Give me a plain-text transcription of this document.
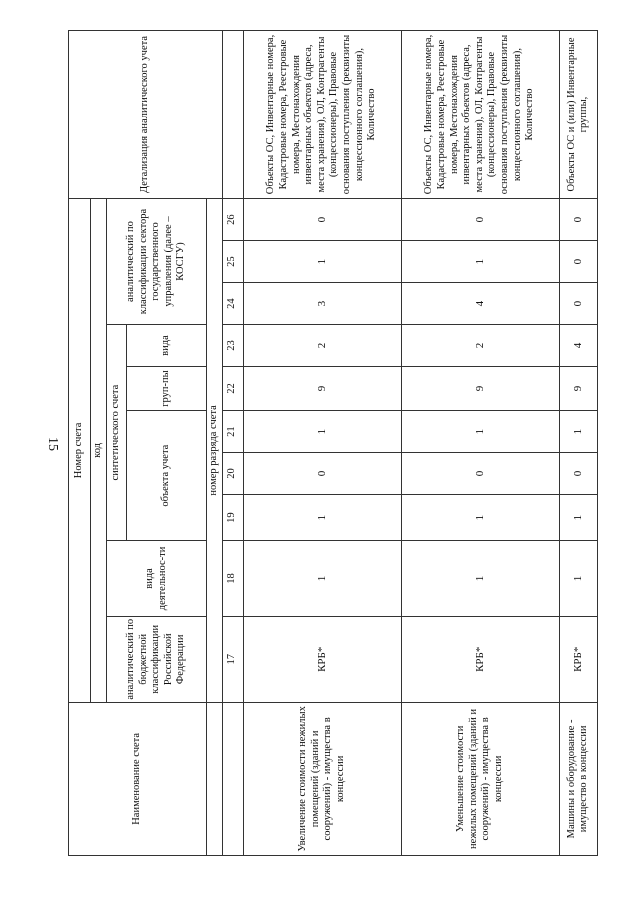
15
Наименование счета	Номер счета										Детализация аналитического учета
	код										
	аналитический по бюджетной классификации Российской Федерации	вида деятельнос-ти	синтетического счета					аналитический по классификации сектора государственного управления (далее – КОСГУ)			
			объекта учета			груп-пы	вида				

	номер разряда счета										
	17	18	19	20	21	22	23	24	25	26	
Увеличение стоимости нежилых помещений (зданий и сооружений) - имущества в концессии	КРБ*	1	1	0	1	9	2	3	1	0	Объекты ОС, Инвентарные номера, Кадастровые номера, Реестровые номера, Местонахождения инвентарных объектов (адреса, места хранения), ОЛ, Контрагенты (концессионеры), Правовые основания поступления (реквизиты концессионного соглашения), Количество
Уменьшение стоимости нежилых помещений (зданий и сооружений) - имущества в концессии	КРБ*	1	1	0	1	9	2	4	1	0	Объекты ОС, Инвентарные номера, Кадастровые номера, Реестровые номера, Местонахождения инвентарных объектов (адреса, места хранения), ОЛ, Контрагенты (концессионеры), Правовые основания поступления (реквизиты концессионного соглашения), Количество
Машины и оборудование - имущество в концессии	КРБ*	1	1	0	1	9	4	0	0	0	Объекты ОС и (или) Инвентарные группы,
